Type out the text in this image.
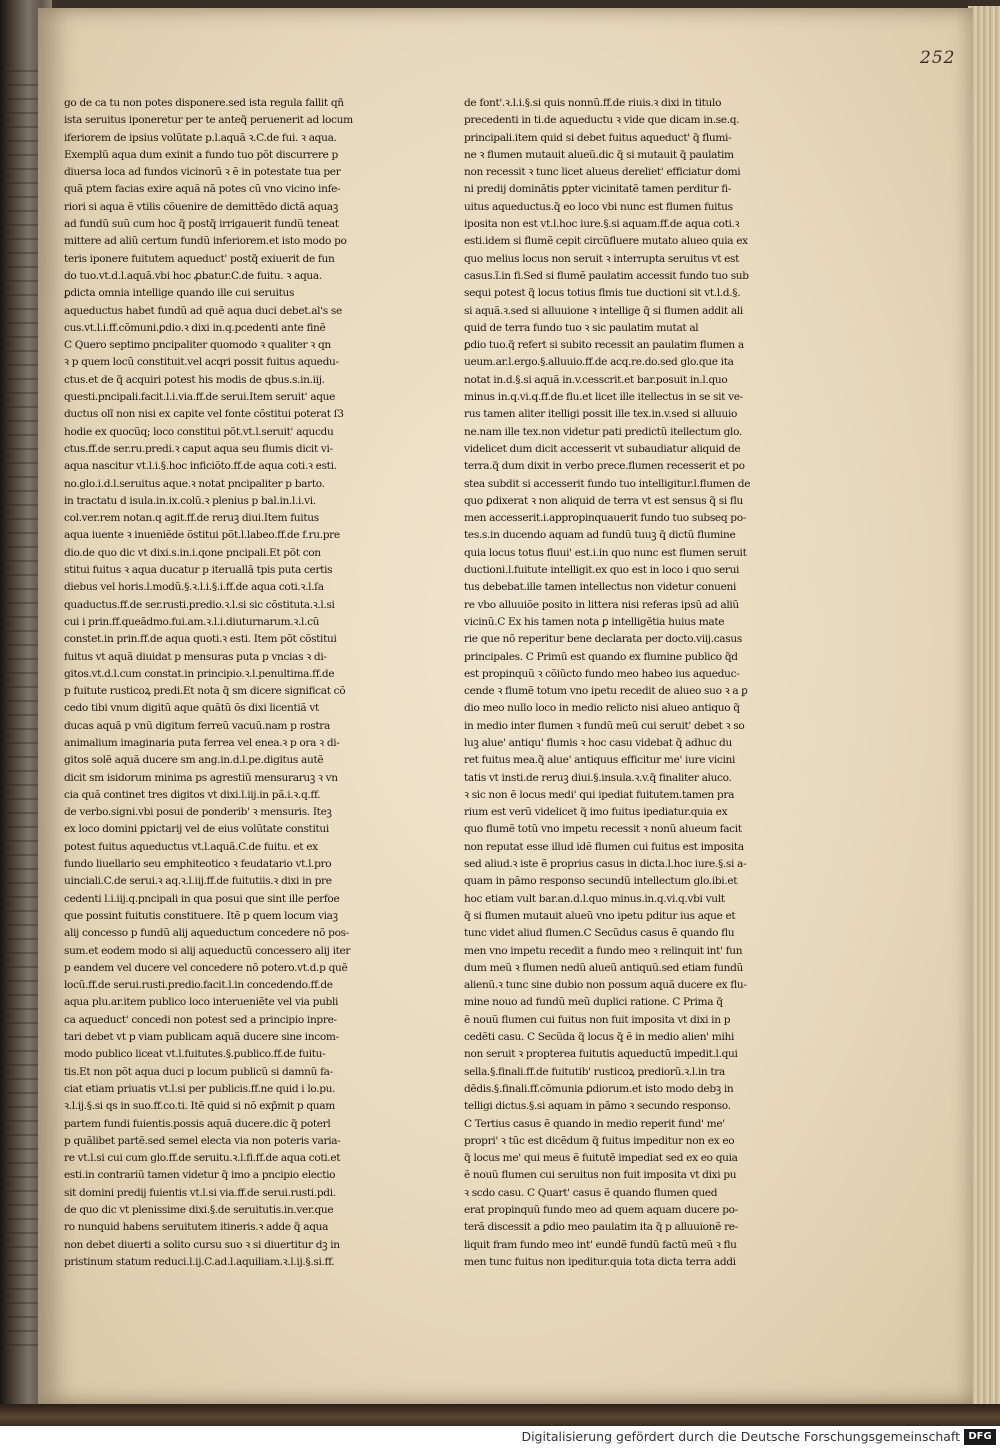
252
go de ca tu non potes disponere.sed ista regula fallit qñ
ista seruitus iponeretur per te anteq̃ peruenerit ad locum
iferiorem de ipsius volũtate p.l.aquã ꝛ.C.de fui. ꝛ aqua.
Exemplũ aqua dum exinit a fundo tuo põt discurrere p
diuersa loca ad fundos vicinorũ ꝛ ẽ in potestate tua per
quã ptem facias exire aquã nã potes cũ vno vicino infe-
riori si aqua ẽ vtilis cõuenire de demittẽdo dictã aquaꝫ
ad fundũ suũ cum hoc q̃ postq̃ irrigauerit fundũ teneat
mittere ad aliũ certum fundũ inferiorem.et isto modo po
teris iponere fuitutem aqueduct' postq̃ exiuerit de fun
do tuo.vt.d.l.aquã.vbi hoc ꝓbatur.C.de fuitu. ꝛ aqua.
ꝑdicta omnia intellige quando ille cui seruitus
aqueductus habet fundũ ad quẽ aqua duci debet.al's se
cus.vt.l.i.ff.cõmuni.ꝑdio.ꝛ dixi in.q.pcedenti ante finẽ
C Quero septimo pncipaliter quomodo ꝛ qualiter ꝛ qn
ꝛ p quem locũ constituit.vel acqri possit fuitus aquedu-
ctus.et de q̃ acquiri potest his modis de qbus.s.in.iij.
questi.pncipali.facit.l.i.via.ff.de serui.Item seruit' aque
ductus olĩ non nisi ex capite vel fonte cõstitui poterat ſ3
hodie ex quocũq; loco constitui põt.vt.l.seruit' aqucdu
ctus.ff.de ser.ru.predi.ꝛ caput aqua seu flumis dicit vi-
aqua nascitur vt.l.i.§.hoc inficiõto.ff.de aqua coti.ꝛ esti.
no.glo.i.d.l.seruitus aque.ꝛ notat pncipaliter p barto.
in tractatu d isula.in.ix.colũ.ꝛ plenius p bal.in.l.i.vi.
col.ver.rem notan.q agit.ff.de reruꝫ diui.Item fuitus
aqua iuente ꝛ inueniẽde õstitui põt.l.labeo.ff.de f.ru.pre
dio.de quo dic vt dixi.s.in.i.qone pncipali.Et põt con
stitui fuitus ꝛ aqua ducatur p iteruallã tpis puta certis
diebus vel horis.l.modũ.§.ꝛ.l.i.§.i.ff.de aqua coti.ꝛ.l.ſa
quaductus.ff.de ser.rusti.predio.ꝛ.l.si sic cõstituta.ꝛ.l.si
cui i prin.ff.queãdmo.fui.am.ꝛ.l.i.diuturnarum.ꝛ.l.cũ
constet.in prin.ff.de aqua quoti.ꝛ esti. Item põt cõstitui
fuitus vt aquã diuidat p mensuras puta p vncias ꝛ di-
gitos.vt.d.l.cum constat.in principio.ꝛ.l.penultima.ff.de
p fuitute rusticoꝝ predi.Et nota q̃ sm dicere significat cõ
cedo tibi vnum digitũ aque quãtũ õs dixi licentiã vt
ducas aquã p vnũ digitum ferreũ vacuũ.nam p rostra
animalium imaginaria puta ferrea vel enea.ꝛ p ora ꝛ di-
gitos solẽ aquã ducere sm ang.in.d.l.pe.digitus autẽ
dicit sm isidorum minima ps agrestiũ mensuraruꝫ ꝛ vn
cia quã continet tres digitos vt dixi.l.iij.in pã.i.ꝛ.q.ff.
de verbo.signi.vbi posui de ponderib' ꝛ mensuris. Iteꝫ
ex loco domini ꝑpictarij vel de eius volũtate constitui
potest fuitus aqueductus vt.l.aquã.C.de fuitu. et ex
fundo liuellario seu emphiteotico ꝛ feudatario vt.l.pro
uinciali.C.de serui.ꝛ aq.ꝛ.l.iij.ff.de fuitutiis.ꝛ dixi in pre
cedenti l.i.iij.q.pncipali in qua posui que sint ille perfoe
que possint fuitutis constituere. Itẽ p quem locum viaꝫ
alij concesso p fundũ alij aqueductum concedere nõ pos-
sum.et eodem modo si alij aqueductũ concessero alij iter
p eandem vel ducere vel concedere nõ potero.vt.d.p quẽ
locũ.ff.de serui.rusti.predio.facit.l.in concedendo.ff.de
aqua plu.ar.item publico loco interueniẽte vel via publi
ca aqueduct' concedi non potest sed a principio inpre-
tari debet vt p viam publicam aquã ducere sine incom-
modo publico liceat vt.l.fuitutes.§.publico.ff.de fuitu-
tis.Et non põt aqua duci p locum publicũ si damnũ fa-
ciat etiam priuatis vt.l.si per publicis.ff.ne quid i lo.pu.
ꝛ.l.ij.§.si qs in suo.ff.co.ti. Itẽ quid si nõ exp̃mit p quam
partem fundi fuientis.possis aquã ducere.dic q̃ poterl
p quãlibet partẽ.sed semel electa via non poteris varia-
re vt.l.si cui cum glo.ff.de seruitu.ꝛ.l.fi.ff.de aqua coti.et
esti.in contrariũ tamen videtur q̃ imo a pncipio electio
sit domini predij fuientis vt.l.si via.ff.de serui.rusti.pdi.
de quo dic vt plenissime dixi.§.de seruitutis.in.ver.que
ro nunquid habens seruitutem itineris.ꝛ adde q̃ aqua
non debet diuerti a solito cursu suo ꝛ si diuertitur dꝫ in
pristinum statum reduci.l.ij.C.ad.l.aquiliam.ꝛ.l.ij.§.si.ff.
de font'.ꝛ.l.i.§.si quis nonnũ.ff.de riuis.ꝛ dixi in titulo
precedenti in ti.de aqueductu ꝛ vide que dicam in.se.q.
principali.item quid si debet fuitus aqueduct' q̃ flumi-
ne ꝛ flumen mutauit alueũ.dic q̃ si mutauit q̃ paulatim
non recessit ꝛ tunc licet alueus dereliet' efficiatur domi
ni predij dominãtis ꝑpter vicinitatẽ tamen perditur fi-
uitus aqueductus.q̃ eo loco vbi nunc est flumen fuitus
iposita non est vt.l.hoc iure.§.si aquam.ff.de aqua coti.ꝛ
esti.idem si flumẽ cepit circũfluere mutato alueo quia ex
quo melius locus non seruit ꝛ interrupta seruitus vt est
casus.ĩ.in fi.Sed si flumẽ paulatim accessit fundo tuo sub
sequi potest q̃ locus totius flmis tue ductioni sit vt.l.d.§.
si aquã.ꝛ.sed si alluuione ꝛ intellige q̃ si flumen addit ali
quid de terra fundo tuo ꝛ sic paulatim mutat al
ꝑdio tuo.q̃ refert si subito recessit an paulatim flumen a
ueum.ar.l.ergo.§.alluuio.ff.de acq.re.do.sed glo.que ita
notat in.d.§.si aquã in.v.cesscrit.et bar.posuit in.l.quo
minus in.q.vi.q.ff.de flu.et licet ille itellectus in se sit ve-
rus tamen aliter itelligi possit ille tex.in.v.sed si alluuio
ne.nam ille tex.non videtur pati predictũ itellectum glo.
videlicet dum dicit accesserit vt subaudiatur aliquid de
terra.q̃ dum dixit in verbo prece.flumen recesserit et po
stea subdit si accesserit fundo tuo intelligitur.l.flumen de
quo ꝑdixerat ꝛ non aliquid de terra vt est sensus q̃ si flu
men accesserit.i.appropinquauerit fundo tuo subseq po-
tes.s.in ducendo aquam ad fundũ tuuꝫ q̃ dictũ flumine
quia locus totus fluui' est.i.in quo nunc est flumen seruit
ductioni.l.fuitute intelligit.ex quo est in loco i quo serui
tus debebat.ille tamen intellectus non videtur conueni
re vbo alluuiõe posito in littera nisi referas ipsũ ad aliũ
vicinũ.C Ex his tamen nota ꝑ intelligẽtia huius mate
rie que nõ reperitur bene declarata per docto.viij.casus
principales. C Primũ est quando ex flumine publico q̃d
est propinquũ ꝛ cõiũcto fundo meo habeo ius aqueduc-
cende ꝛ flumẽ totum vno ipetu recedit de alueo suo ꝛ a ꝑ
dio meo nullo loco in medio relicto nisi alueo antiquo q̃
in medio inter flumen ꝛ fundũ meũ cui seruit' debet ꝛ so
luꝫ alue' antiqu' flumis ꝛ hoc casu videbat q̃ adhuc du
ret fuitus mea.q̃ alue' antiquus efficitur me' iure vicini
tatis vt insti.de reruꝫ diui.§.insula.ꝛ.v.q̃ finaliter aluco.
ꝛ sic non ẽ locus medi' qui ipediat fuitutem.tamen pra
rium est verũ videlicet q̃ imo fuitus ipediatur.quia ex
quo flumẽ totũ vno impetu recessit ꝛ nonũ alueum facit
non reputat esse illud idẽ flumen cui fuitus est imposita
sed aliud.ꝛ iste ẽ proprius casus in dicta.l.hoc iure.§.si a-
quam in pãmo responso secundũ intellectum glo.ibi.et
hoc etiam vult bar.an.d.l.quo minus.in.q.vi.q.vbi vult
q̃ si flumen mutauit alueũ vno ipetu pditur ius aque et
tunc videt aliud flumen.C Secũdus casus ẽ quando flu
men vno impetu recedit a fundo meo ꝛ relinquit int' fun
dum meũ ꝛ flumen nedũ alueũ antiquũ.sed etiam fundũ
alienũ.ꝛ tunc sine dubio non possum aquã ducere ex flu-
mine nouo ad fundũ meũ duplici ratione. C Prima q̃
ẽ nouũ flumen cui fuitus non fuit imposita vt dixi in p
cedẽti casu. C Secũda q̃ locus q̃ ẽ in medio alien' mihi
non seruit ꝛ propterea fuitutis aqueductũ impedit.l.qui
sella.§.finali.ff.de fuitutib' rusticoꝝ prediorũ.ꝛ.l.in tra
dẽdis.§.finali.ff.cõmunia ꝑdiorum.et isto modo debꝫ in
telligi dictus.§.si aquam in pãmo ꝛ secundo responso.
C Tertius casus ẽ quando in medio reperit fund' me'
propri' ꝛ tũc est dicẽdum q̃ fuitus impeditur non ex eo
q̃ locus me' qui meus ẽ fuitutẽ impediat sed ex eo quia
ẽ nouũ flumen cui seruitus non fuit imposita vt dixi pu
ꝛ scdo casu. C Quart' casus ẽ quando flumen qued
erat propinquũ fundo meo ad quem aquam ducere po-
terã discessit a ꝑdio meo paulatim ita q̃ p alluuionẽ re-
liquit fram fundo meo int' eundẽ fundũ factũ meũ ꝛ flu
men tunc fuitus non ipeditur.quia tota dicta terra addi
Digitalisierung gefördert durch die Deutsche Forschungsgemeinschaft DFG
